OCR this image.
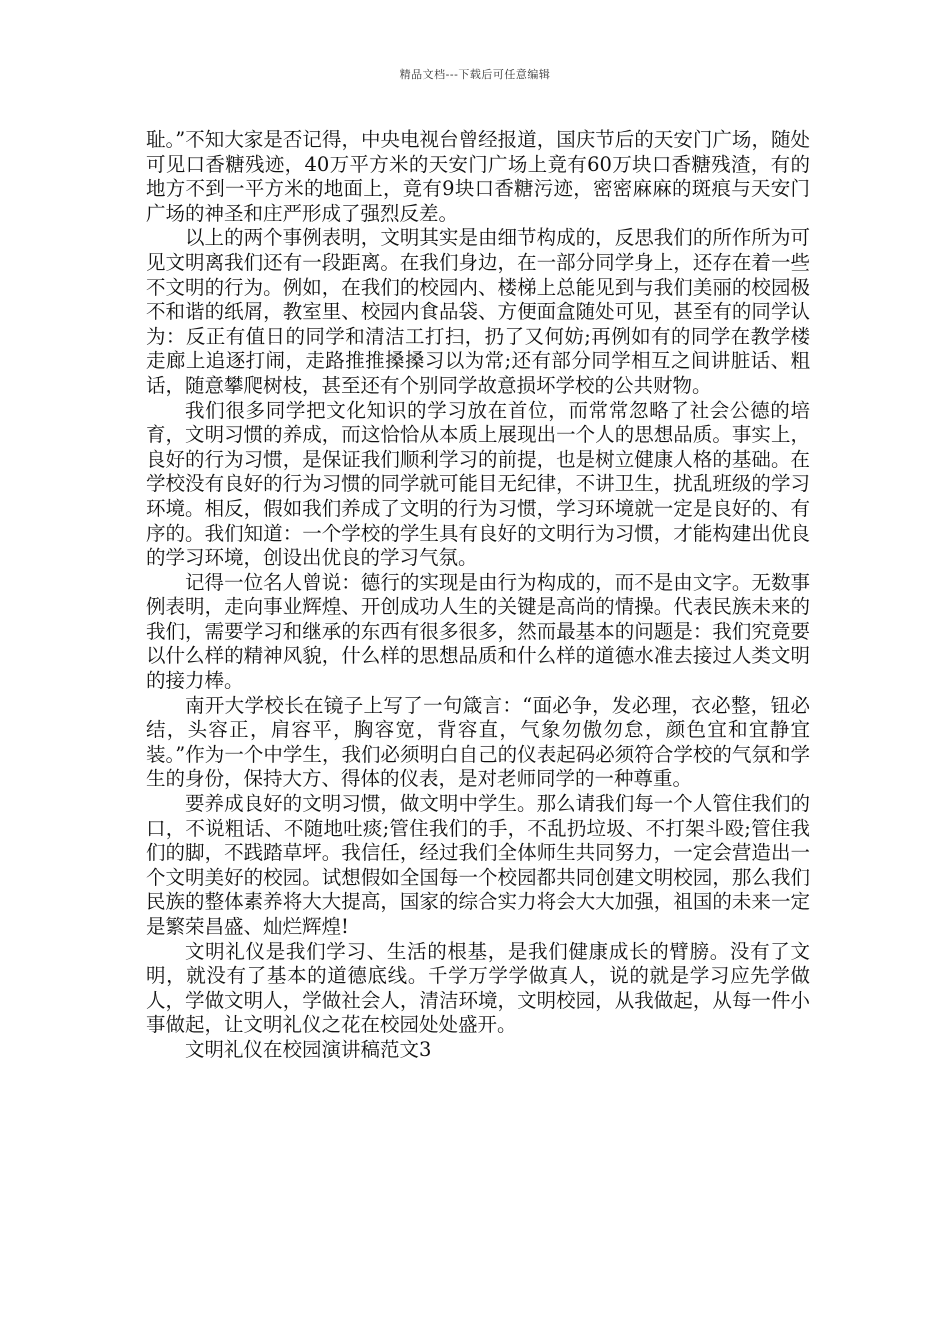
精品文档---下载后可任意编辑

耻。”不知大家是否记得，中央电视台曾经报道，国庆节后的天安门广场，随处可见口香糖残迹，40万平方米的天安门广场上竟有60万块口香糖残渣，有的地方不到一平方米的地面上，竟有9块口香糖污迹，密密麻麻的斑痕与天安门广场的神圣和庄严形成了强烈反差。

以上的两个事例表明，文明其实是由细节构成的，反思我们的所作所为可见文明离我们还有一段距离。在我们身边，在一部分同学身上，还存在着一些不文明的行为。例如，在我们的校园内、楼梯上总能见到与我们美丽的校园极不和谐的纸屑，教室里、校园内食品袋、方便面盒随处可见，甚至有的同学认为：反正有值日的同学和清洁工打扫，扔了又何妨;再例如有的同学在教学楼走廊上追逐打闹，走路推推搡搡习以为常;还有部分同学相互之间讲脏话、粗话，随意攀爬树枝，甚至还有个别同学故意损坏学校的公共财物。

我们很多同学把文化知识的学习放在首位，而常常忽略了社会公德的培育，文明习惯的养成，而这恰恰从本质上展现出一个人的思想品质。事实上，良好的行为习惯，是保证我们顺利学习的前提，也是树立健康人格的基础。在学校没有良好的行为习惯的同学就可能目无纪律，不讲卫生，扰乱班级的学习环境。相反，假如我们养成了文明的行为习惯，学习环境就一定是良好的、有序的。我们知道：一个学校的学生具有良好的文明行为习惯，才能构建出优良的学习环境，创设出优良的学习气氛。

记得一位名人曾说：德行的实现是由行为构成的，而不是由文字。无数事例表明，走向事业辉煌、开创成功人生的关键是高尚的情操。代表民族未来的我们，需要学习和继承的东西有很多很多，然而最基本的问题是：我们究竟要以什么样的精神风貌，什么样的思想品质和什么样的道德水准去接过人类文明的接力棒。

南开大学校长在镜子上写了一句箴言：“面必争，发必理，衣必整，钮必结，头容正，肩容平，胸容宽，背容直，气象勿傲勿怠，颜色宜和宜静宜装。”作为一个中学生，我们必须明白自己的仪表起码必须符合学校的气氛和学生的身份，保持大方、得体的仪表，是对老师同学的一种尊重。

要养成良好的文明习惯，做文明中学生。那么请我们每一个人管住我们的口，不说粗话、不随地吐痰;管住我们的手，不乱扔垃圾、不打架斗殴;管住我们的脚，不践踏草坪。我信任，经过我们全体师生共同努力，一定会营造出一个文明美好的校园。试想假如全国每一个校园都共同创建文明校园，那么我们民族的整体素养将大大提高，国家的综合实力将会大大加强，祖国的未来一定是繁荣昌盛、灿烂辉煌!

文明礼仪是我们学习、生活的根基，是我们健康成长的臂膀。没有了文明，就没有了基本的道德底线。千学万学学做真人，说的就是学习应先学做人，学做文明人，学做社会人，清洁环境，文明校园，从我做起，从每一件小事做起，让文明礼仪之花在校园处处盛开。

文明礼仪在校园演讲稿范文3
